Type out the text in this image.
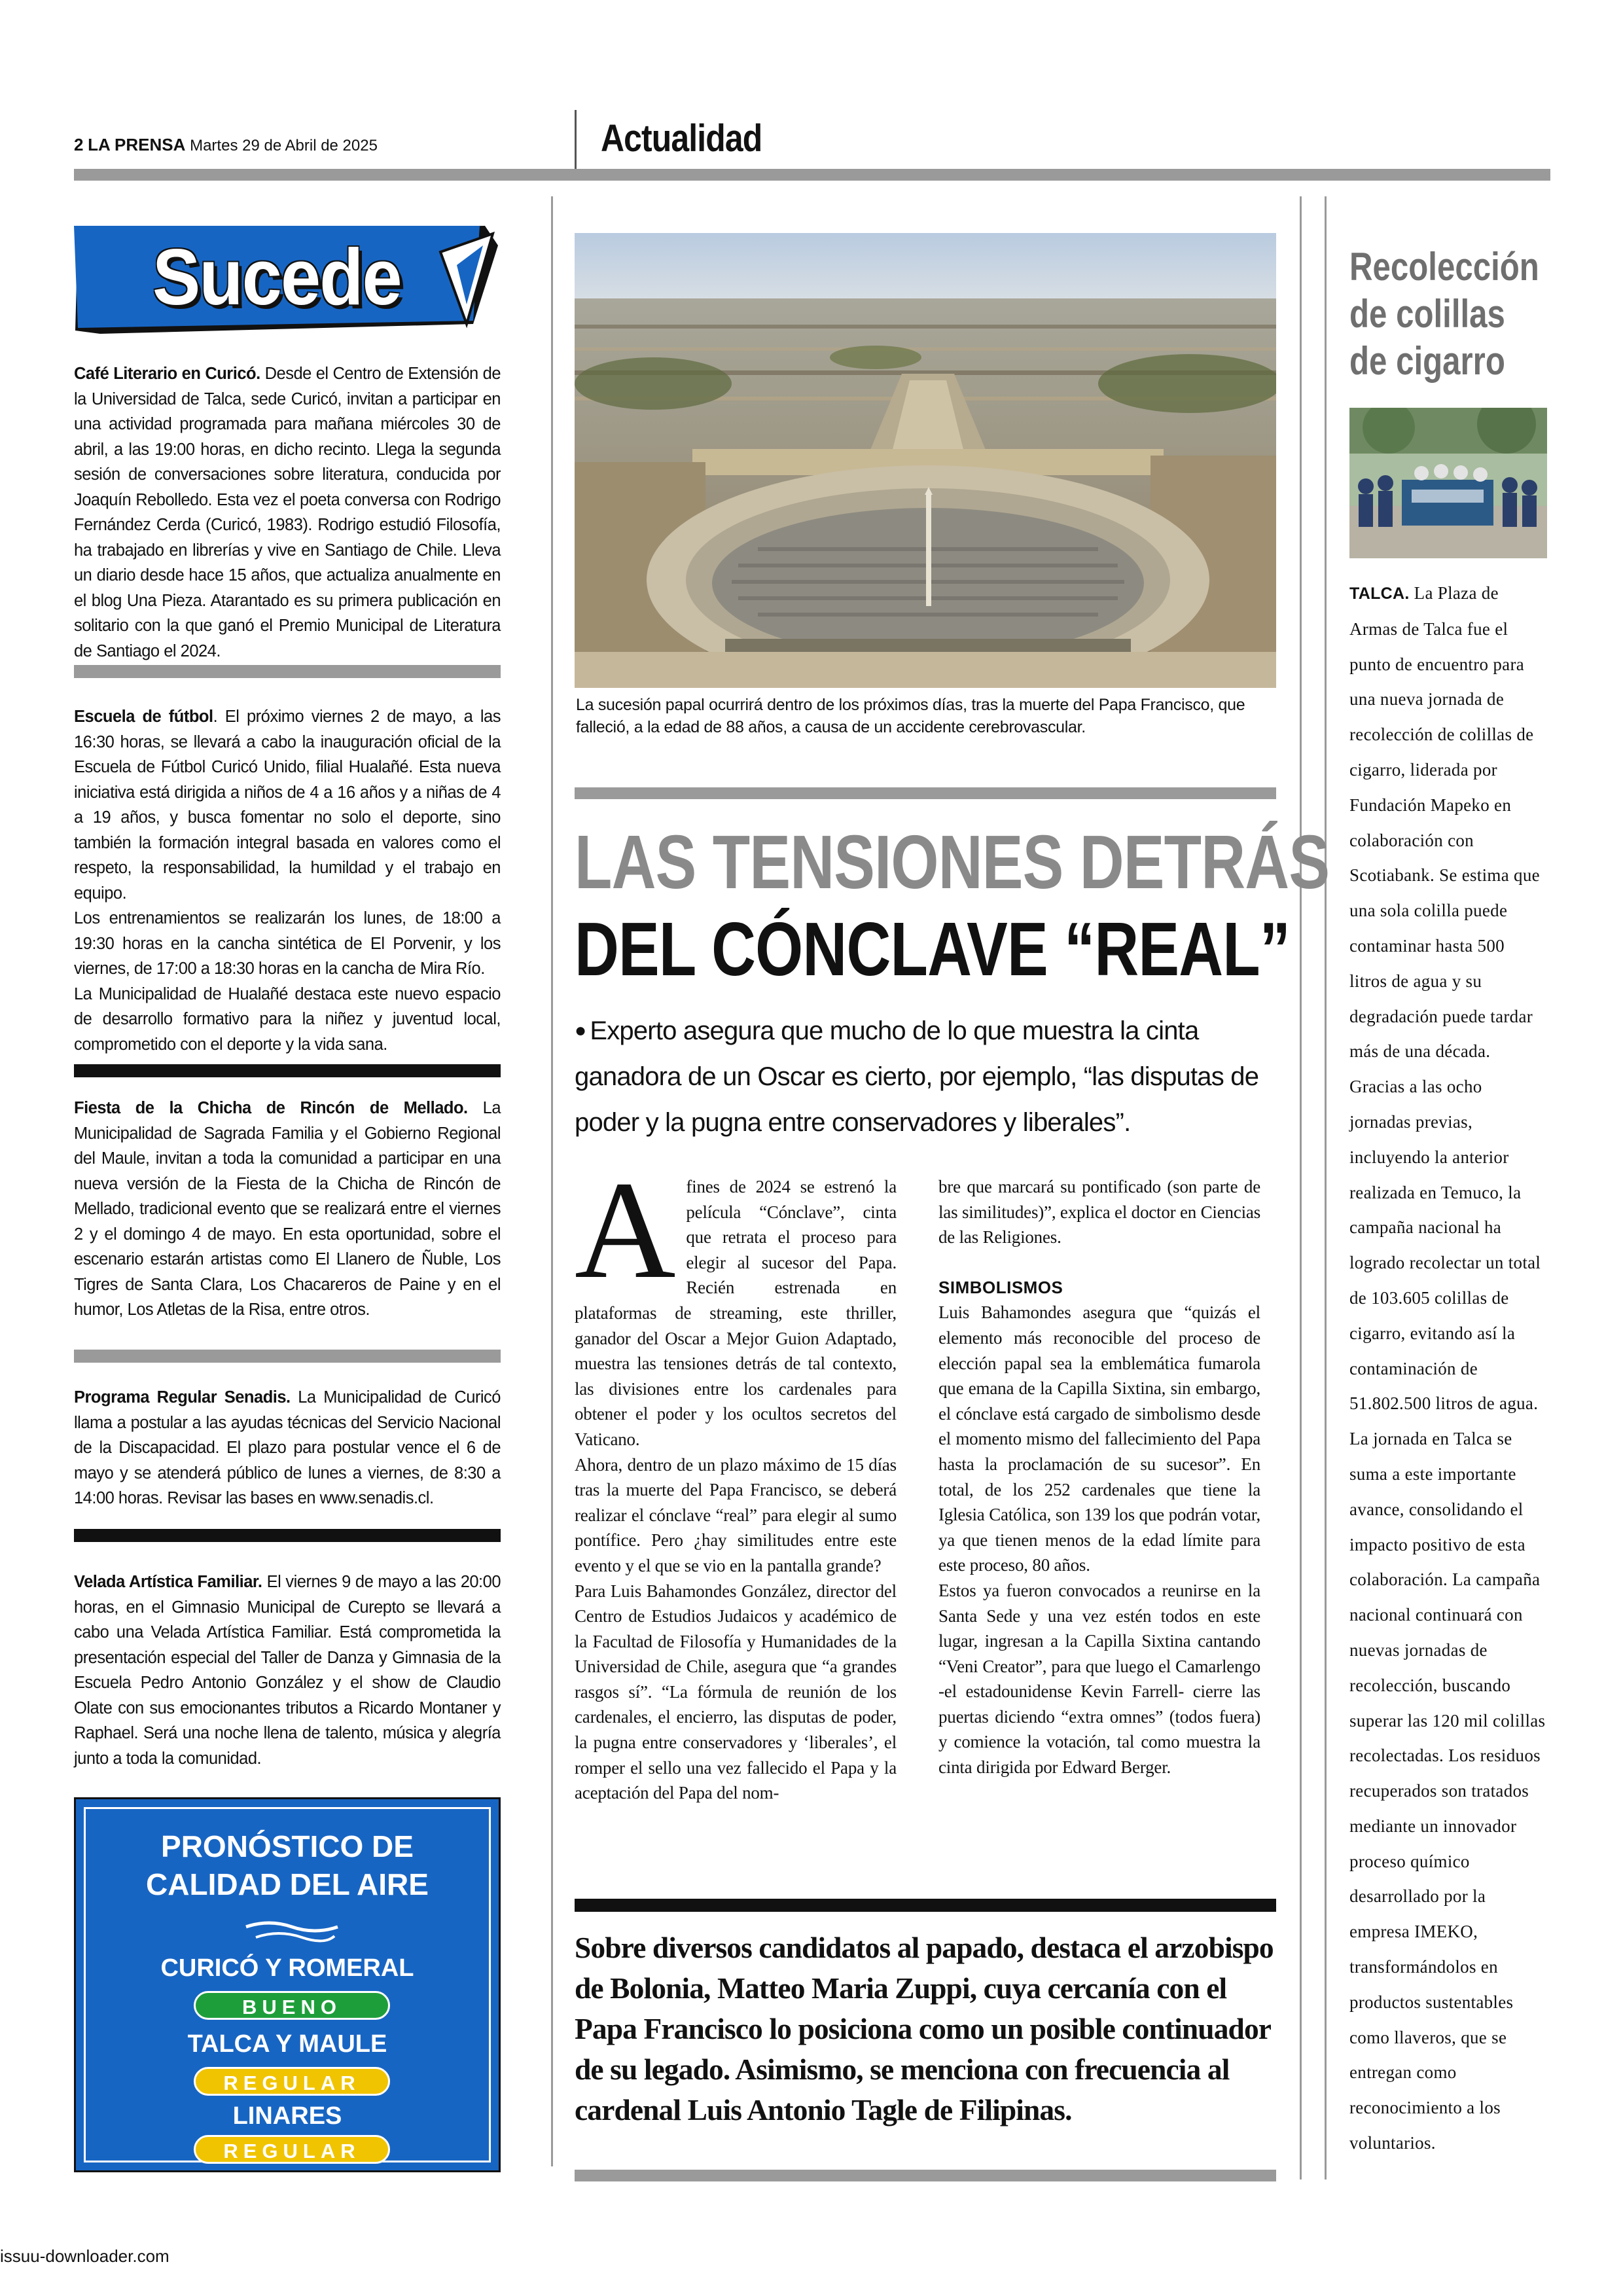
2 LA PRENSA Martes 29 de Abril de 2025	Actualidad
Sucede
Café Literario en Curicó. Desde el Centro de Extensión de la Universidad de Talca, sede Curicó, invitan a participar en una actividad programada para mañana miércoles 30 de abril, a las 19:00 horas, en dicho recinto. Llega la segunda sesión de conversaciones sobre literatura, conducida por Joaquín Rebolledo. Esta vez el poeta conversa con Rodrigo Fernández Cerda (Curicó, 1983). Rodrigo estudió Filosofía, ha trabajado en librerías y vive en Santiago de Chile. Lleva un diario desde hace 15 años, que actualiza anualmente en el blog Una Pieza. Atarantado es su primera publicación en solitario con la que ganó el Premio Municipal de Literatura de Santiago el 2024.
Escuela de fútbol. El próximo viernes 2 de mayo, a las 16:30 horas, se llevará a cabo la inauguración oficial de la Escuela de Fútbol Curicó Unido, filial Hualañé. Esta nueva iniciativa está dirigida a niños de 4 a 16 años y a niñas de 4 a 19 años, y busca fomentar no solo el deporte, sino también la formación integral basada en valores como el respeto, la responsabilidad, la humildad y el trabajo en equipo.
Los entrenamientos se realizarán los lunes, de 18:00 a 19:30 horas en la cancha sintética de El Porvenir, y los viernes, de 17:00 a 18:30 horas en la cancha de Mira Río.
La Municipalidad de Hualañé destaca este nuevo espacio de desarrollo formativo para la niñez y juventud local, comprometido con el deporte y la vida sana.
Fiesta de la Chicha de Rincón de Mellado. La Municipalidad de Sagrada Familia y el Gobierno Regional del Maule, invitan a toda la comunidad a participar en una nueva versión de la Fiesta de la Chicha de Rincón de Mellado, tradicional evento que se realizará entre el viernes 2 y el domingo 4 de mayo. En esta oportunidad, sobre el escenario estarán artistas como El Llanero de Ñuble, Los Tigres de Santa Clara, Los Chacareros de Paine y en el humor, Los Atletas de la Risa, entre otros.
Programa Regular Senadis. La Municipalidad de Curicó llama a postular a las ayudas técnicas del Servicio Nacional de la Discapacidad. El plazo para postular vence el 6 de mayo y se atenderá público de lunes a viernes, de 8:30 a 14:00 horas. Revisar las bases en www.senadis.cl.
Velada Artística Familiar. El viernes 9 de mayo a las 20:00 horas, en el Gimnasio Municipal de Curepto se llevará a cabo una Velada Artística Familiar. Está comprometida la presentación especial del Taller de Danza y Gimnasia de la Escuela Pedro Antonio González y el show de Claudio Olate con sus emocionantes tributos a Ricardo Montaner y Raphael. Será una noche llena de talento, música y alegría junto a toda la comunidad.
PRONÓSTICO DE
CALIDAD DEL AIRE
CURICÓ Y ROMERAL
BUENO
TALCA Y MAULE
REGULAR
LINARES
REGULAR
La sucesión papal ocurrirá dentro de los próximos días, tras la muerte del Papa Francisco, que falleció, a la edad de 88 años, a causa de un accidente cerebrovascular.
LAS TENSIONES DETRÁS
DEL CÓNCLAVE “REAL”
● Experto asegura que mucho de lo que muestra la cinta ganadora de un Oscar es cierto, por ejemplo, “las disputas de poder y la pugna entre conservadores y liberales”.
Afines de 2024 se estrenó la película “Cónclave”, cinta que retrata el proceso para elegir al sucesor del Papa. Recién estrenada en plataformas de streaming, este thriller, ganador del Oscar a Mejor Guion Adaptado, muestra las tensiones detrás de tal contexto, las divisiones entre los cardenales para obtener el poder y los ocultos secretos del Vaticano.
Ahora, dentro de un plazo máximo de 15 días tras la muerte del Papa Francisco, se deberá realizar el cónclave “real” para elegir al sumo pontífice. Pero ¿hay similitudes entre este evento y el que se vio en la pantalla grande?
Para Luis Bahamondes González, director del Centro de Estudios Judaicos y académico de la Facultad de Filosofía y Humanidades de la Universidad de Chile, asegura que “a grandes rasgos sí”. “La fórmula de reunión de los cardenales, el encierro, las disputas de poder, la pugna entre conservadores y ‘liberales’, el romper el sello una vez fallecido el Papa y la aceptación del Papa del nom-
bre que marcará su pontificado (son parte de las similitudes)”, explica el doctor en Ciencias de las Religiones.
SIMBOLISMOS
Luis Bahamondes asegura que “quizás el elemento más reconocible del proceso de elección papal sea la emblemática fumarola que emana de la Capilla Sixtina, sin embargo, el cónclave está cargado de simbolismo desde el momento mismo del fallecimiento del Papa hasta la proclamación de su sucesor”. En total, de los 252 cardenales que tiene la Iglesia Católica, son 139 los que podrán votar, ya que tienen menos de la edad límite para este proceso, 80 años.
Estos ya fueron convocados a reunirse en la Santa Sede y una vez estén todos en este lugar, ingresan a la Capilla Sixtina cantando “Veni Creator”, para que luego el Camarlengo -el estadounidense Kevin Farrell- cierre las puertas diciendo “extra omnes” (todos fuera) y comience la votación, tal como muestra la cinta dirigida por Edward Berger.
Sobre diversos candidatos al papado, destaca el arzobispo de Bolonia, Matteo Maria Zuppi, cuya cercanía con el Papa Francisco lo posiciona como un posible continuador de su legado. Asimismo, se menciona con frecuencia al cardenal Luis Antonio Tagle de Filipinas.
Recolección
de colillas
de cigarro
TALCA. La Plaza de Armas de Talca fue el punto de encuentro para una nueva jornada de recolección de colillas de cigarro, liderada por Fundación Mapeko en colaboración con Scotiabank. Se estima que una sola colilla puede contaminar hasta 500 litros de agua y su degradación puede tardar más de una década. Gracias a las ocho jornadas previas, incluyendo la anterior realizada en Temuco, la campaña nacional ha logrado recolectar un total de 103.605 colillas de cigarro, evitando así la contaminación de 51.802.500 litros de agua. La jornada en Talca se suma a este importante avance, consolidando el impacto positivo de esta colaboración. La campaña nacional continuará con nuevas jornadas de recolección, buscando superar las 120 mil colillas recolectadas. Los residuos recuperados son tratados mediante un innovador proceso químico desarrollado por la empresa IMEKO, transformándolos en productos sustentables como llaveros, que se entregan como reconocimiento a los voluntarios.
issuu-downloader.com
